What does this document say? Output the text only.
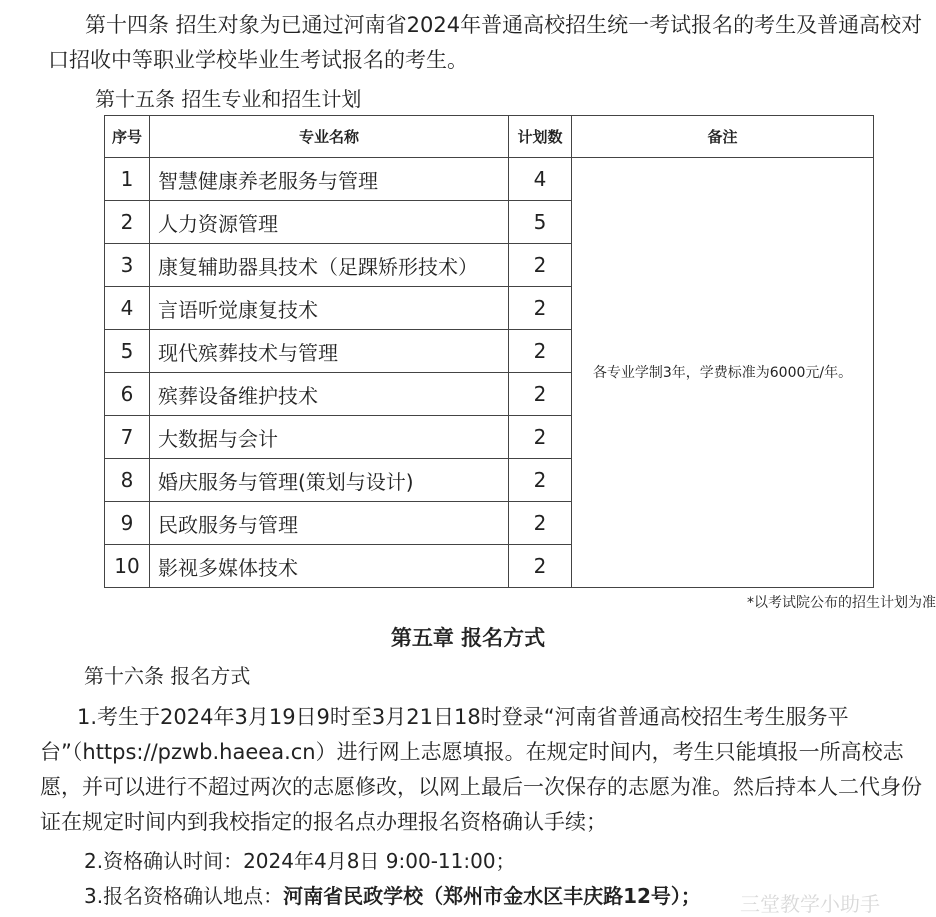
第十四条 招生对象为已通过河南省2024年普通高校招生统一考试报名的考生及普通高校对口招收中等职业学校毕业生考试报名的考生。

第十五条 招生专业和招生计划

序号	专业名称	计划数	备注
1	智慧健康养老服务与管理	4	各专业学制3年，学费标准为6000元/年。
2	人力资源管理	5	
3	康复辅助器具技术（足踝矫形技术）	2	
4	言语听觉康复技术	2	
5	现代殡葬技术与管理	2	
6	殡葬设备维护技术	2	
7	大数据与会计	2	
8	婚庆服务与管理(策划与设计)	2	
9	民政服务与管理	2	
10	影视多媒体技术	2	

*以考试院公布的招生计划为准

第五章 报名方式

第十六条 报名方式

1.考生于2024年3月19日9时至3月21日18时登录“河南省普通高校招生考生服务平台”（https://pzwb.haeea.cn）进行网上志愿填报。在规定时间内，考生只能填报一所高校志愿，并可以进行不超过两次的志愿修改，以网上最后一次保存的志愿为准。然后持本人二代身份证在规定时间内到我校指定的报名点办理报名资格确认手续；

2.资格确认时间：2024年4月8日 9:00-11:00；

3.报名资格确认地点：河南省民政学校（郑州市金水区丰庆路12号）； 三堂教学小助手
